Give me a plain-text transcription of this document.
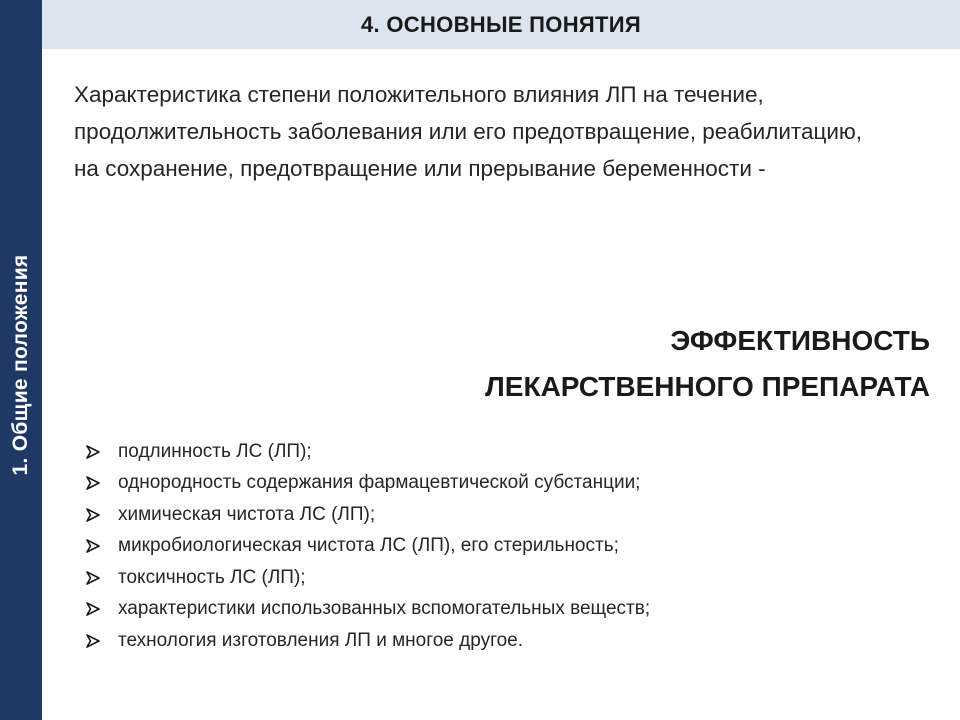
1. Общие положения
4. ОСНОВНЫЕ ПОНЯТИЯ
Характеристика степени положительного влияния ЛП на течение, продолжительность заболевания или его предотвращение, реабилитацию, на сохранение, предотвращение или прерывание беременности -
ЭФФЕКТИВНОСТЬ
ЛЕКАРСТВЕННОГО ПРЕПАРАТА
подлинность ЛС (ЛП);
однородность содержания фармацевтической субстанции;
химическая чистота ЛС (ЛП);
микробиологическая чистота ЛС (ЛП), его стерильность;
токсичность ЛС (ЛП);
характеристики использованных вспомогательных веществ;
технология изготовления ЛП и многое другое.
